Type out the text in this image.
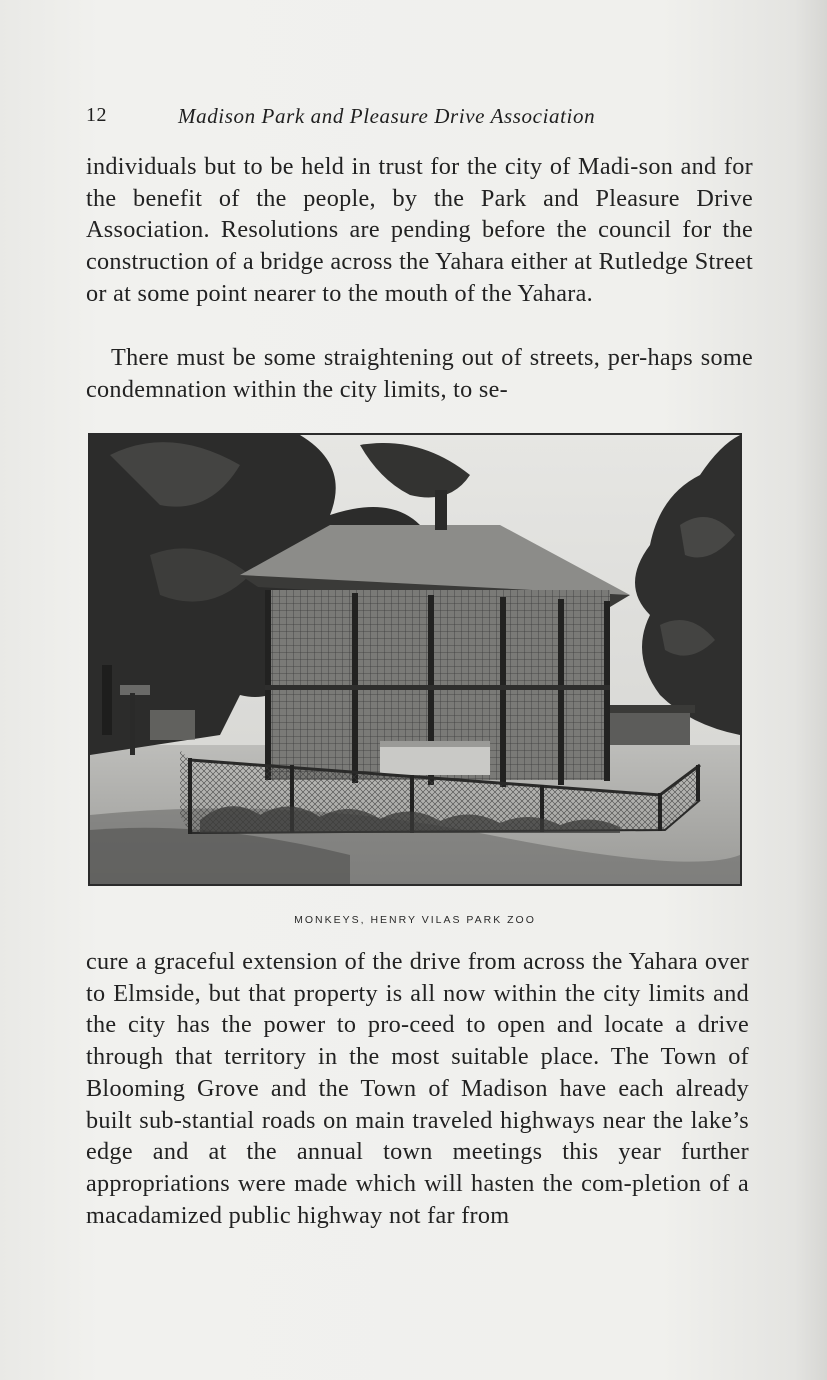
12	Madison Park and Pleasure Drive Association

individuals but to be held in trust for the city of Madi-son and for the benefit of the people, by the Park and Pleasure Drive Association. Resolutions are pending before the council for the construction of a bridge across the Yahara either at Rutledge Street or at some point nearer to the mouth of the Yahara.

There must be some straightening out of streets, per-haps some condemnation within the city limits, to se-

MONKEYS, HENRY VILAS PARK ZOO

cure a graceful extension of the drive from across the Yahara over to Elmside, but that property is all now within the city limits and the city has the power to pro-ceed to open and locate a drive through that territory in the most suitable place. The Town of Blooming Grove and the Town of Madison have each already built sub-stantial roads on main traveled highways near the lake’s edge and at the annual town meetings this year further appropriations were made which will hasten the com-pletion of a macadamized public highway not far from
